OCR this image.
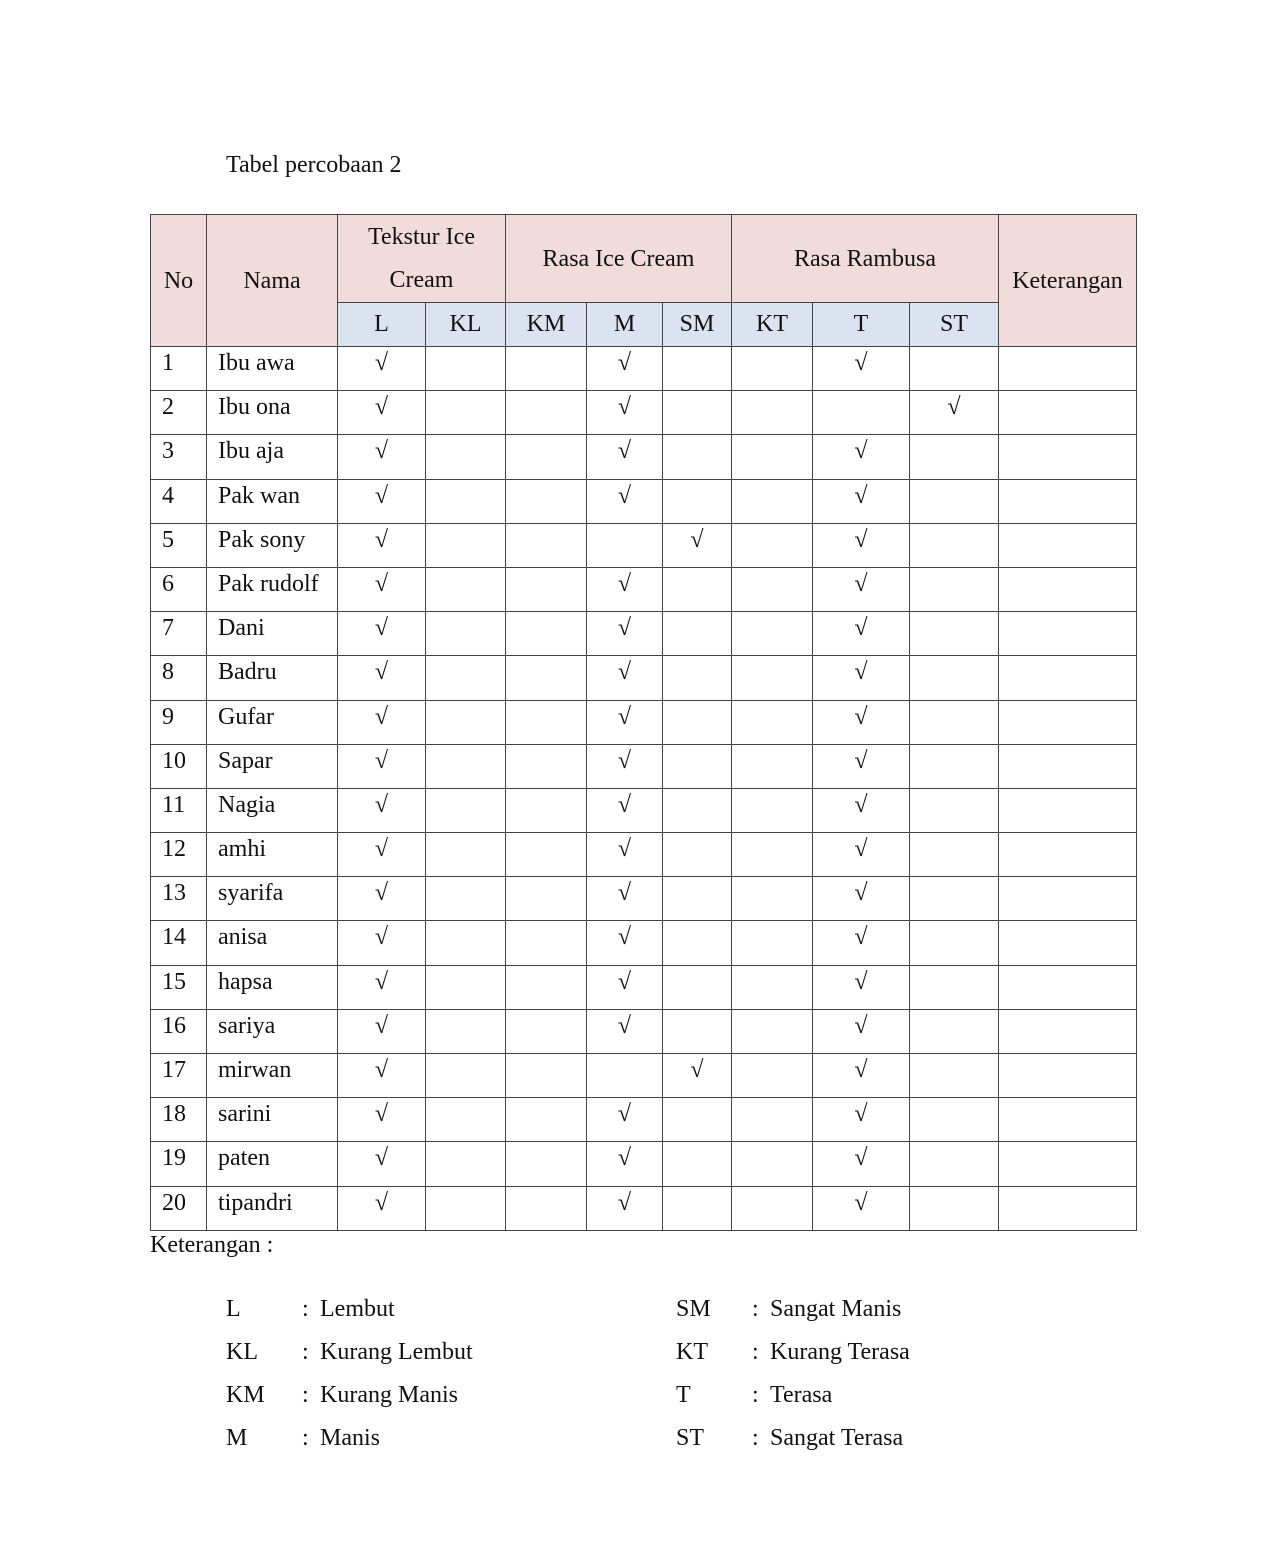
Tabel percobaan 2
No	Nama	Tekstur Ice Cream		Rasa Ice Cream			Rasa Rambusa			Keterangan
		L	KL	KM	M	SM	KT	T	ST	
1	Ibu awa	√			√			√		
2	Ibu ona	√			√				√	
3	Ibu aja	√			√			√		
4	Pak wan	√			√			√		
5	Pak sony	√				√		√		
6	Pak rudolf	√			√			√		
7	Dani	√			√			√		
8	Badru	√			√			√		
9	Gufar	√			√			√		
10	Sapar	√			√			√		
11	Nagia	√			√			√		
12	amhi	√			√			√		
13	syarifa	√			√			√		
14	anisa	√			√			√		
15	hapsa	√			√			√		
16	sariya	√			√			√		
17	mirwan	√				√		√		
18	sarini	√			√			√		
19	paten	√			√			√		
20	tipandri	√			√			√		
Keterangan :
L	: Lembut
KL : Kurang Lembut
KM : Kurang Manis
M : Manis
SM : Sangat Manis
KT : Kurang Terasa
T	: Terasa
ST : Sangat Terasa
